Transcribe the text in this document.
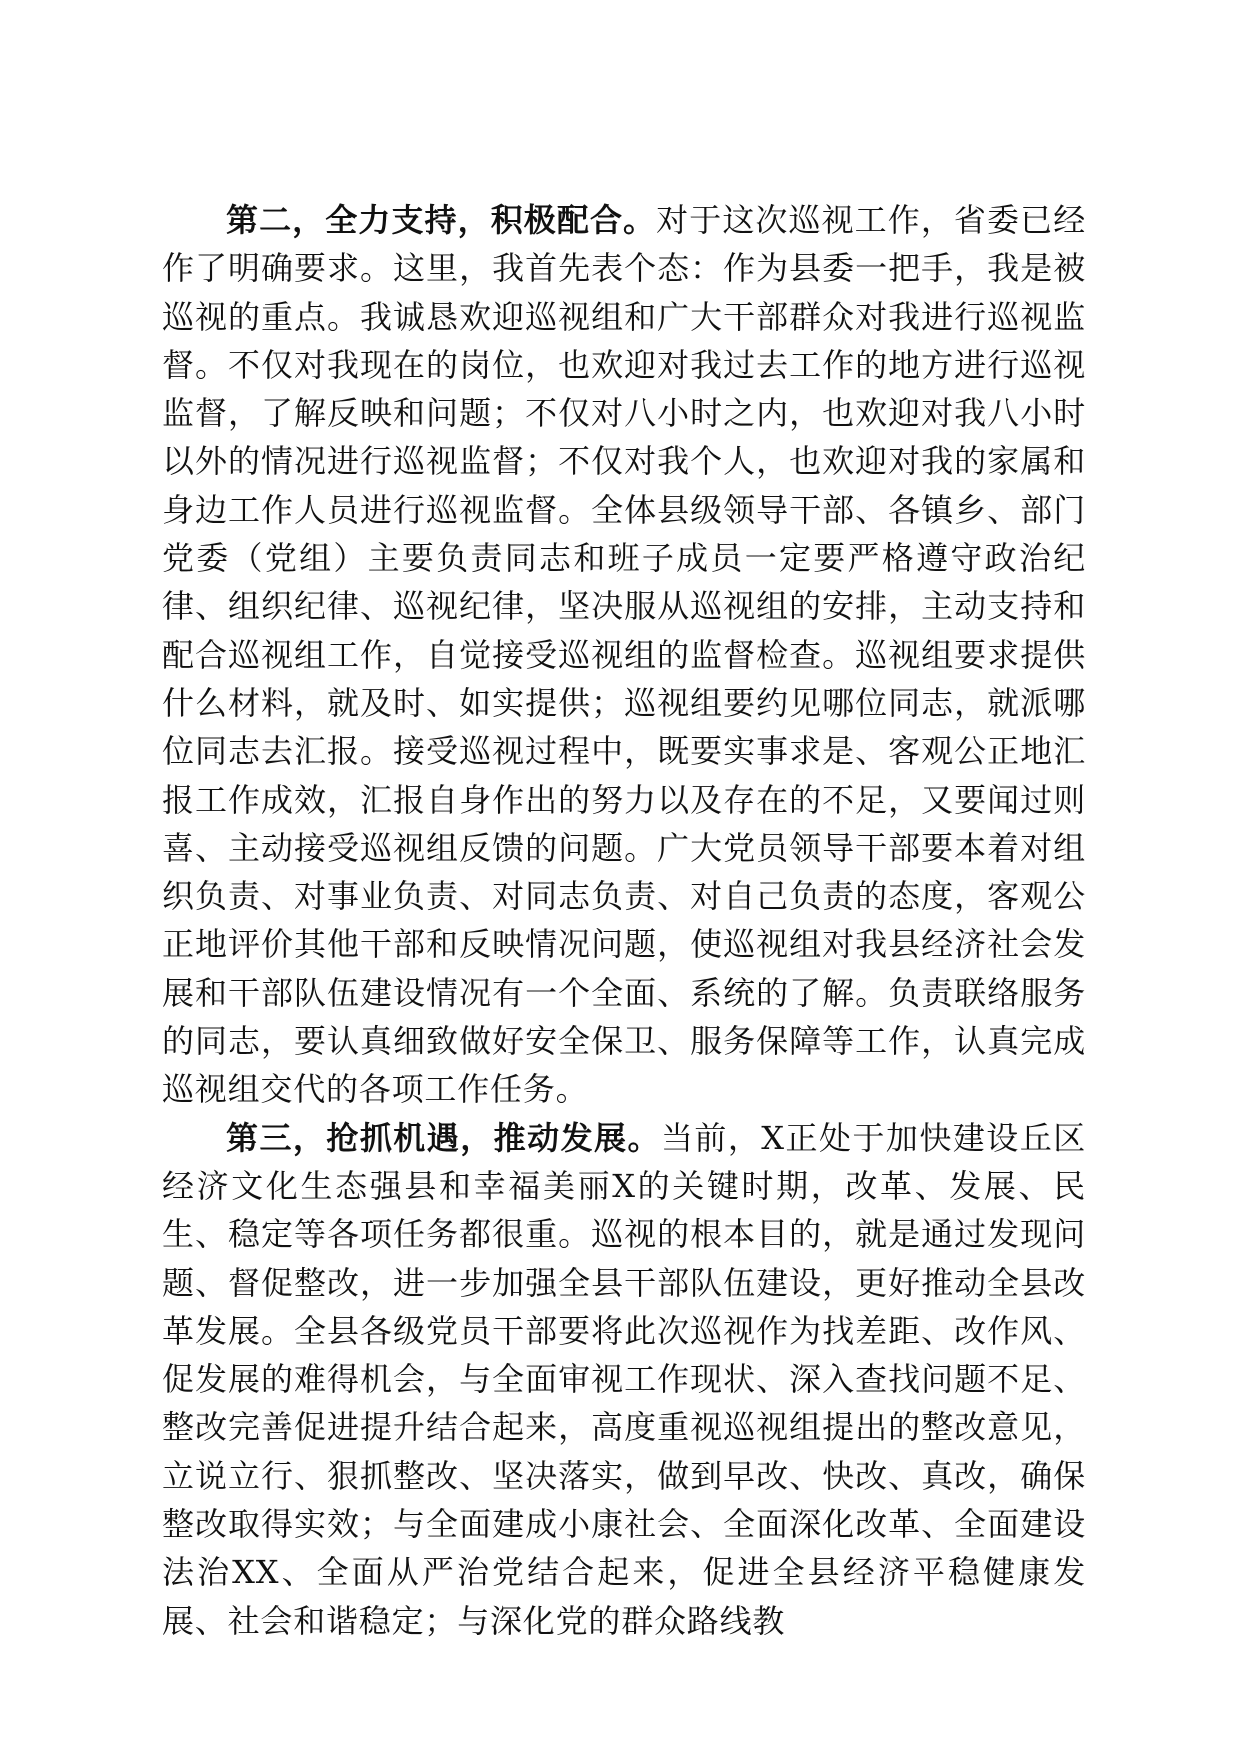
第二，全力支持，积极配合。对于这次巡视工作，省委已经作了明确要求。这里，我首先表个态：作为县委一把手，我是被巡视的重点。我诚恳欢迎巡视组和广大干部群众对我进行巡视监督。不仅对我现在的岗位，也欢迎对我过去工作的地方进行巡视监督，了解反映和问题；不仅对八小时之内，也欢迎对我八小时以外的情况进行巡视监督；不仅对我个人，也欢迎对我的家属和身边工作人员进行巡视监督。全体县级领导干部、各镇乡、部门党委（党组）主要负责同志和班子成员一定要严格遵守政治纪律、组织纪律、巡视纪律，坚决服从巡视组的安排，主动支持和配合巡视组工作，自觉接受巡视组的监督检查。巡视组要求提供什么材料，就及时、如实提供；巡视组要约见哪位同志，就派哪位同志去汇报。接受巡视过程中，既要实事求是、客观公正地汇报工作成效，汇报自身作出的努力以及存在的不足，又要闻过则喜、主动接受巡视组反馈的问题。广大党员领导干部要本着对组织负责、对事业负责、对同志负责、对自己负责的态度，客观公正地评价其他干部和反映情况问题，使巡视组对我县经济社会发展和干部队伍建设情况有一个全面、系统的了解。负责联络服务的同志，要认真细致做好安全保卫、服务保障等工作，认真完成巡视组交代的各项工作任务。

第三，抢抓机遇，推动发展。当前，X正处于加快建设丘区经济文化生态强县和幸福美丽X的关键时期，改革、发展、民生、稳定等各项任务都很重。巡视的根本目的，就是通过发现问题、督促整改，进一步加强全县干部队伍建设，更好推动全县改革发展。全县各级党员干部要将此次巡视作为找差距、改作风、促发展的难得机会，与全面审视工作现状、深入查找问题不足、整改完善促进提升结合起来，高度重视巡视组提出的整改意见，立说立行、狠抓整改、坚决落实，做到早改、快改、真改，确保整改取得实效；与全面建成小康社会、全面深化改革、全面建设法治XX、全面从严治党结合起来，促进全县经济平稳健康发展、社会和谐稳定；与深化党的群众路线教
